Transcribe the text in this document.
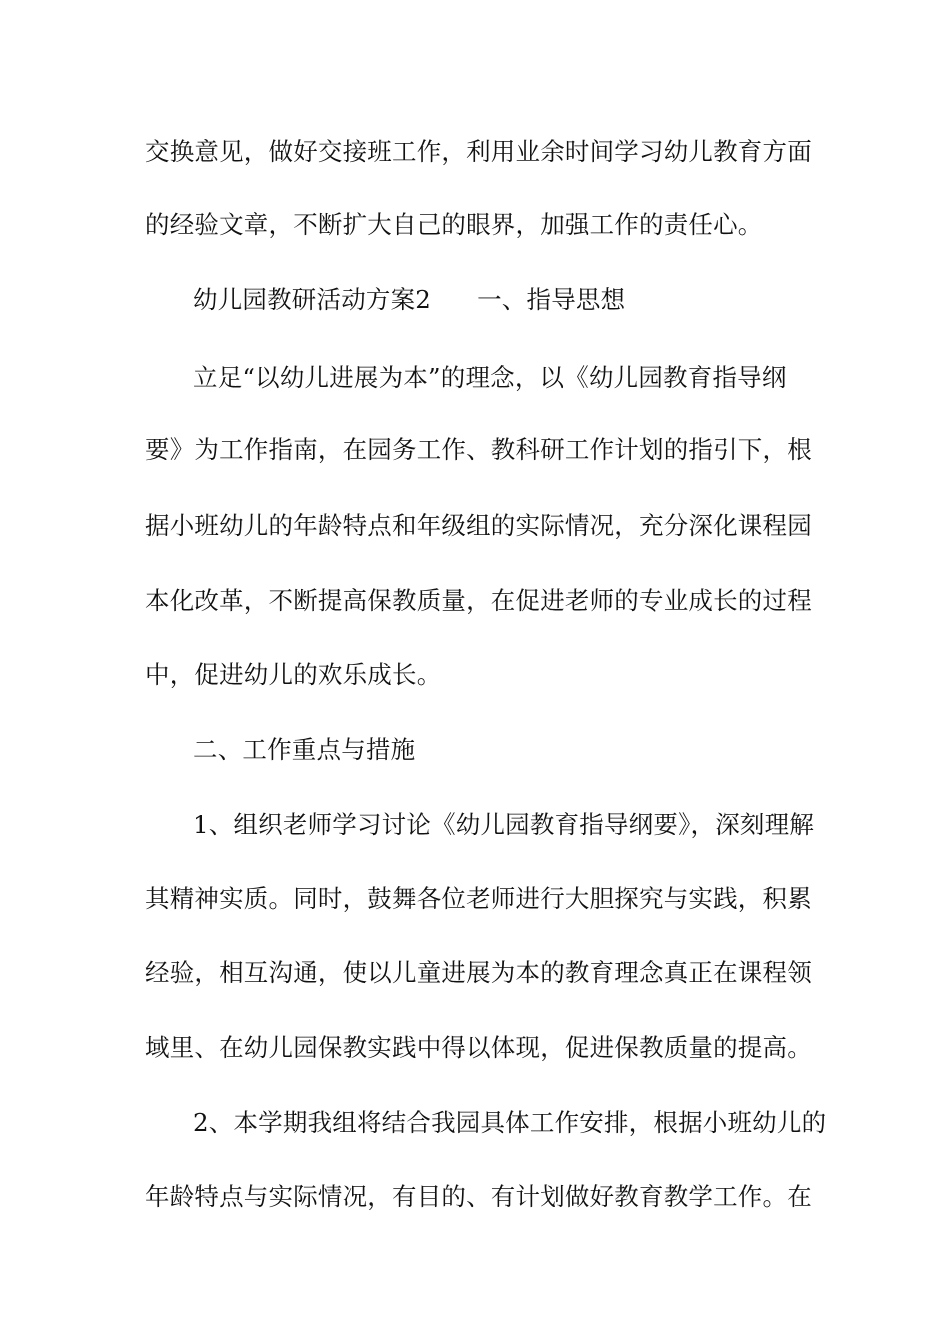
交换意见，做好交接班工作，利用业余时间学习幼儿教育方面
的经验文章，不断扩大自己的眼界，加强工作的责任心。
幼儿园教研活动方案2 一、指导思想
立足“以幼儿进展为本”的理念，以《幼儿园教育指导纲
要》为工作指南，在园务工作、教科研工作计划的指引下，根
据小班幼儿的年龄特点和年级组的实际情况，充分深化课程园
本化改革，不断提高保教质量，在促进老师的专业成长的过程
中，促进幼儿的欢乐成长。
二、工作重点与措施
1、组织老师学习讨论《幼儿园教育指导纲要》，深刻理解
其精神实质。同时，鼓舞各位老师进行大胆探究与实践，积累
经验，相互沟通，使以儿童进展为本的教育理念真正在课程领
域里、在幼儿园保教实践中得以体现，促进保教质量的提高。
2、本学期我组将结合我园具体工作安排，根据小班幼儿的
年龄特点与实际情况，有目的、有计划做好教育教学工作。在
